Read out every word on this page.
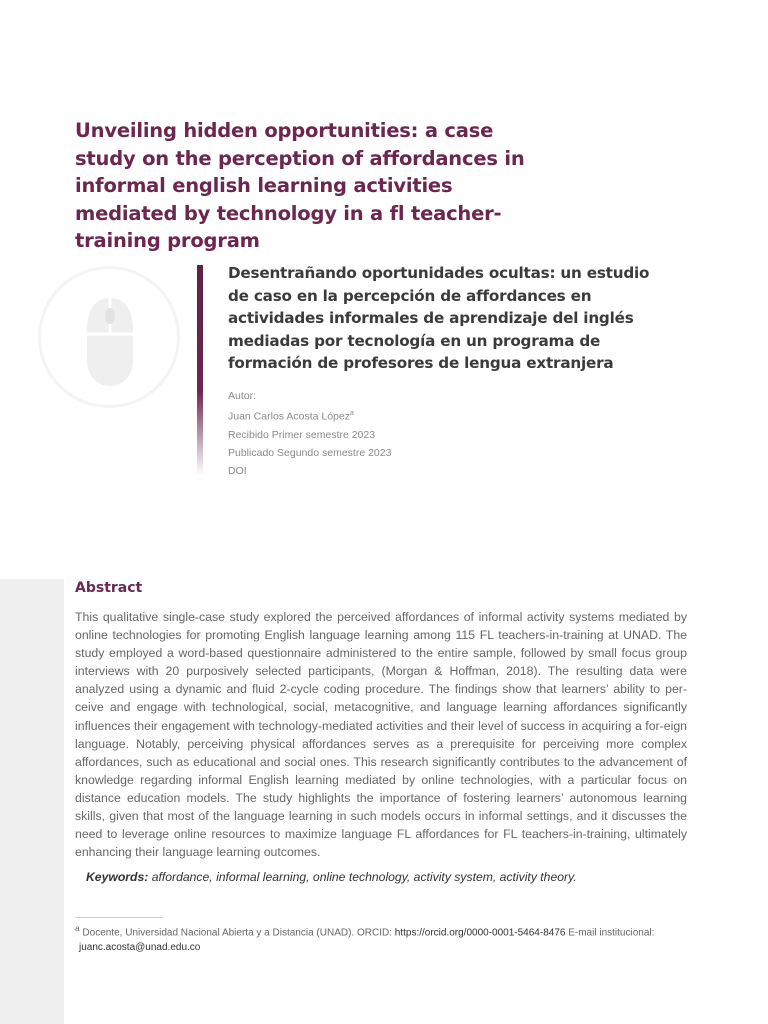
Unveiling hidden opportunities: a case study on the perception of affordances in informal english learning activities mediated by technology in a fl teacher-training program
Desentrañando oportunidades ocultas: un estudio de caso en la percepción de affordances en actividades informales de aprendizaje del inglés mediadas por tecnología en un programa de formación de profesores de lengua extranjera
Autor:
Juan Carlos Acosta López$^a$
Recibido Primer semestre 2023
Publicado Segundo semestre 2023
DOI
Abstract

This qualitative single-case study explored the perceived affordances of informal activity systems mediated by online technologies for promoting English language learning among 115 FL teachers-in-training at UNAD. The study employed a word-based questionnaire administered to the entire sample, followed by small focus group interviews with 20 purposively selected participants, (Morgan & Hoffman, 2018). The resulting data were analyzed using a dynamic and fluid 2-cycle coding procedure. The findings show that learners’ ability to per-ceive and engage with technological, social, metacognitive, and language learning affordances significantly influences their engagement with technology-mediated activities and their level of success in acquiring a for-eign language. Notably, perceiving physical affordances serves as a prerequisite for perceiving more complex affordances, such as educational and social ones. This research significantly contributes to the advancement of knowledge regarding informal English learning mediated by online technologies, with a particular focus on distance education models. The study highlights the importance of fostering learners’ autonomous learning skills, given that most of the language learning in such models occurs in informal settings, and it discusses the need to leverage online resources to maximize language FL affordances for FL teachers-in-training, ultimately enhancing their language learning outcomes.

Keywords: affordance, informal learning, online technology, activity system, activity theory.

$^a$ Docente, Universidad Nacional Abierta y a Distancia (UNAD). ORCID: https://orcid.org/0000-0001-5464-8476 E-mail institucional:
juanc.acosta@unad.edu.co
